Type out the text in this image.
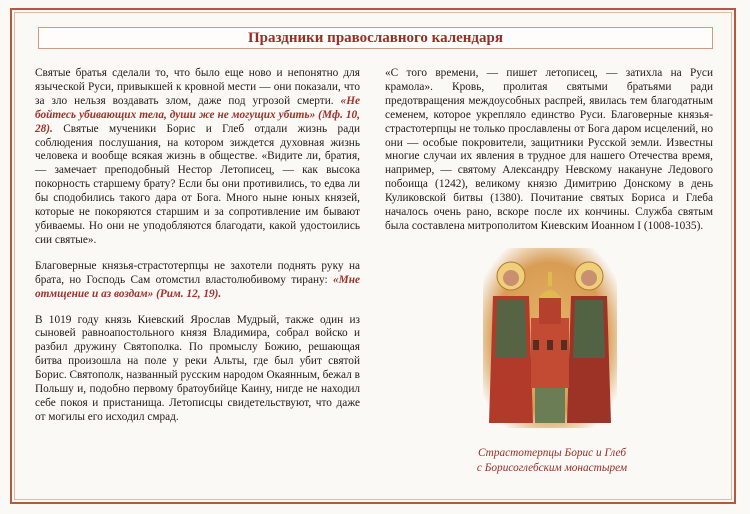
Праздники православного календаря

Святые братья сделали то, что было еще ново и непонятно для языческой Руси, привыкшей к кровной мести — они показали, что за зло нельзя воздавать злом, даже под угрозой смерти. «Не бойтесь убивающих тела, души же не могущих убить» (Мф. 10, 28). Святые мученики Борис и Глеб отдали жизнь ради соблюдения послушания, на котором зиждется духовная жизнь человека и вообще всякая жизнь в обществе. «Видите ли, братия, — замечает преподобный Нестор Летописец, — как высока покорность старшему брату? Если бы они противились, то едва ли бы сподобились такого дара от Бога. Много ныне юных князей, которые не покоряются старшим и за сопротивление им бывают убиваемы. Но они не уподобляются благодати, какой удостоились сии святые».

Благоверные князья-страстотерпцы не захотели поднять руку на брата, но Господь Сам отомстил властолюбивому тирану: «Мне отмщение и аз воздам» (Рим. 12, 19).

В 1019 году князь Киевский Ярослав Мудрый, также один из сыновей равноапостольного князя Владимира, собрал войско и разбил дружину Святополка. По промыслу Божию, решающая битва произошла на поле у реки Альты, где был убит святой Борис. Святополк, названный русским народом Окаянным, бежал в Польшу и, подобно первому братоубийце Каину, нигде не находил себе покоя и пристанища. Летописцы свидетельствуют, что даже от могилы его исходил смрад.

«С того времени, — пишет летописец, — затихла на Руси крамола». Кровь, пролитая святыми братьями ради предотвращения междоусобных распрей, явилась тем благодатным семенем, которое укрепляло единство Руси. Благоверные князья-страстотерпцы не только прославлены от Бога даром исцелений, но они — особые покровители, защитники Русской земли. Известны многие случаи их явления в трудное для нашего Отечества время, например, — святому Александру Невскому накануне Ледового побоища (1242), великому князю Димитрию Донскому в день Куликовской битвы (1380). Почитание святых Бориса и Глеба началось очень рано, вскоре после их кончины. Служба святым была составлена митрополитом Киевским Иоанном I (1008-1035).

Страстотерпцы Борис и Глеб
с Борисоглебским монастырем
